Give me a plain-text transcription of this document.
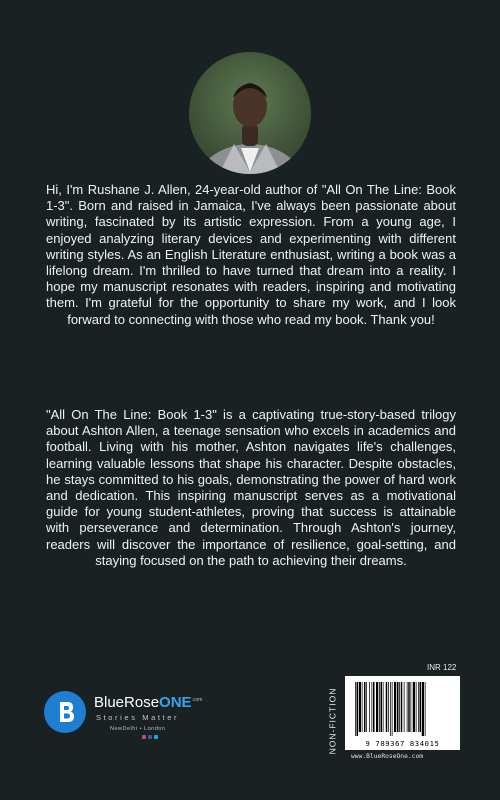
Hi, I'm Rushane J. Allen, 24-year-old author of "All On The Line: Book 1-3". Born and raised in Jamaica, I've always been passionate about writing, fascinated by its artistic expression. From a young age, I enjoyed analyzing literary devices and experimenting with different writing styles. As an English Literature enthusiast, writing a book was a lifelong dream. I'm thrilled to have turned that dream into a reality. I hope my manuscript resonates with readers, inspiring and motivating them. I'm grateful for the opportunity to share my work, and I look forward to connecting with those who read my book. Thank you!

"All On The Line: Book 1-3" is a captivating true-story-based trilogy about Ashton Allen, a teenage sensation who excels in academics and football. Living with his mother, Ashton navigates life's challenges, learning valuable lessons that shape his character. Despite obstacles, he stays committed to his goals, demonstrating the power of hard work and dedication. This inspiring manuscript serves as a motivational guide for young student-athletes, proving that success is attainable with perseverance and determination. Through Ashton's journey, readers will discover the importance of resilience, goal-setting, and staying focused on the path to achieving their dreams.

BlueRoseONE$^{.com}$
Stories Matter
NewDelhi • London
INR 122
NON-FICTION	9 789367 834015
www.BlueRoseOne.com
